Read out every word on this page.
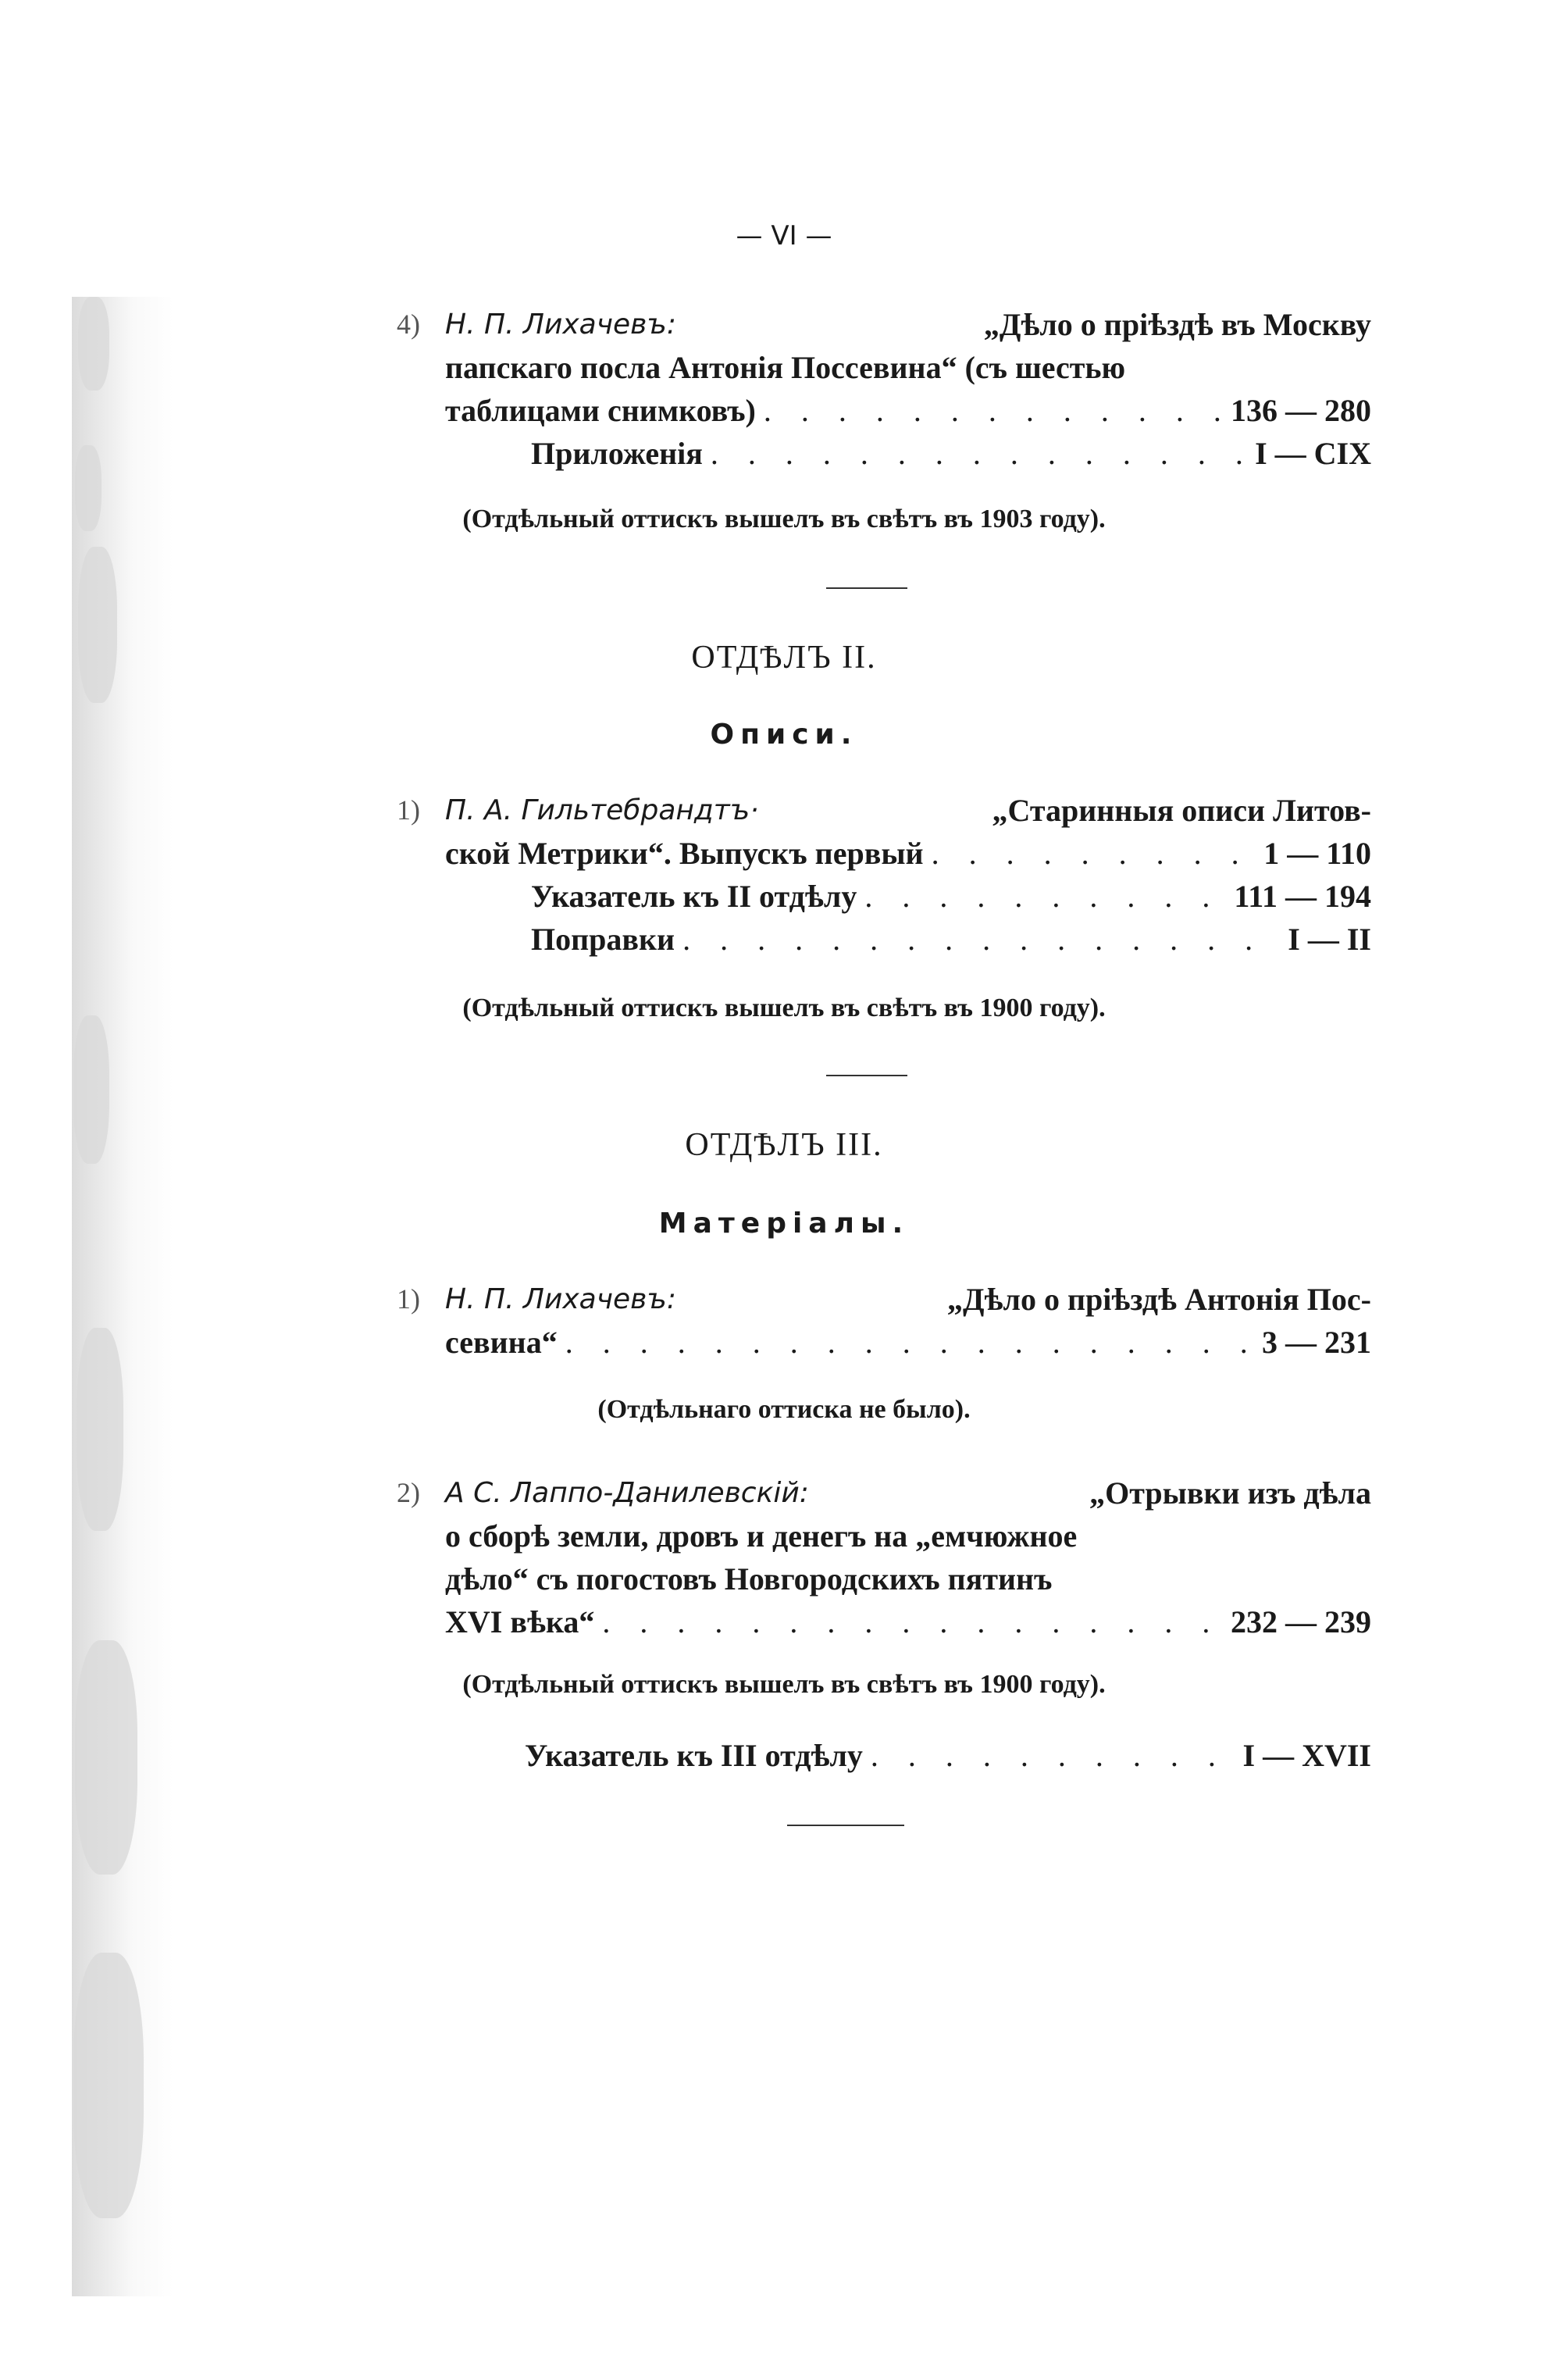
— VI —
4) Н. П. Лихачевъ:	„Дѣло о пріѣздѣ въ Москву
папскаго посла Антонія Поссевина“ (съ шестью
таблицами снимковъ) . . .	136 — 280
Приложенія . . .	I — CIX
(Отдѣльный оттискъ вышелъ въ свѣтъ въ 1903 году).
ОТДѢЛЪ II.
Описи.
1) П. А. Гильтебрандтъ·	„Старинныя описи Литов-
ской Метрики“. Выпускъ первый . . .	1 — 110
Указатель къ II отдѣлу . . .	111 — 194
Поправки . . .	I — II
(Отдѣльный оттискъ вышелъ въ свѣтъ въ 1900 году).
ОТДѢЛЪ III.
Матеріалы.
1) Н. П. Лихачевъ:	„Дѣло о пріѣздѣ Антонія Пос-
севина“ . . .	3 — 231
(Отдѣльнаго оттиска не было).
2) А С. Лаппо-Данилевскій:	„Отрывки изъ дѣла
о сборѣ земли, дровъ и денегъ на „емчюжное
дѣло“ съ погостовъ Новгородскихъ пятинъ
XVI вѣка“ . . .	232 — 239
(Отдѣльный оттискъ вышелъ въ свѣтъ въ 1900 году).
Указатель къ III отдѣлу . . .	I — XVII
